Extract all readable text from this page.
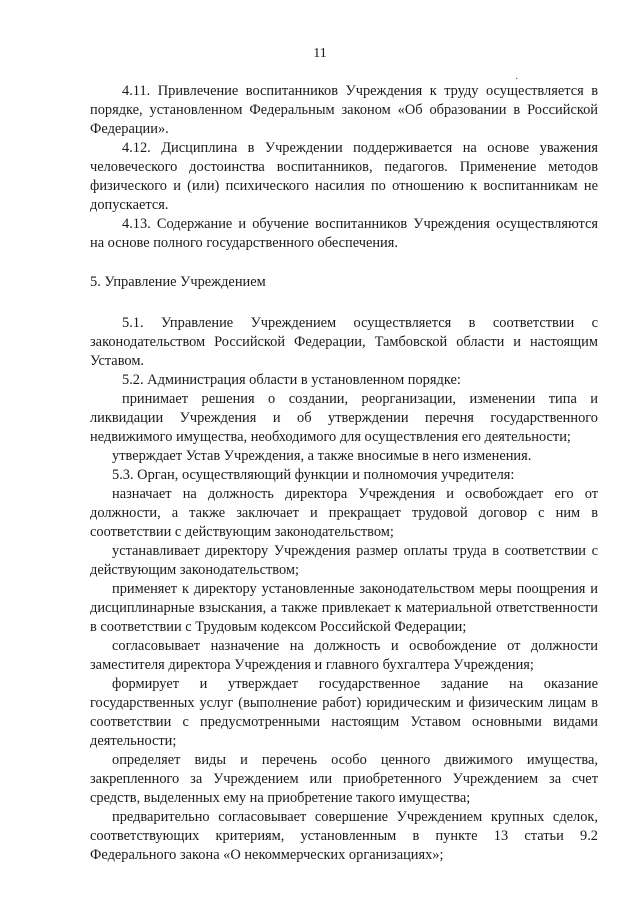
11
·

4.11. Привлечение воспитанников Учреждения к труду осуществляется в порядке, установленном Федеральным законом «Об образовании в Российской Федерации».

4.12. Дисциплина в Учреждении поддерживается на основе уважения человеческого достоинства воспитанников, педагогов. Применение методов физического и (или) психического насилия по отношению к воспитанникам не допускается.

4.13. Содержание и обучение воспитанников Учреждения осуществляются на основе полного государственного обеспечения.

5. Управление Учреждением

5.1. Управление Учреждением осуществляется в соответствии с законодательством Российской Федерации, Тамбовской области и настоящим Уставом.

5.2. Администрация области в установленном порядке:

принимает решения о создании, реорганизации, изменении типа и ликвидации Учреждения и об утверждении перечня государственного недвижимого имущества, необходимого для осуществления его деятельности;

утверждает Устав Учреждения, а также вносимые в него изменения.

5.3. Орган, осуществляющий функции и полномочия учредителя:

назначает на должность директора Учреждения и освобождает его от должности, а также заключает и прекращает трудовой договор с ним в соответствии с действующим законодательством;

устанавливает директору Учреждения размер оплаты труда в соответствии с действующим законодательством;

применяет к директору установленные законодательством меры поощрения и дисциплинарные взыскания, а также привлекает к материальной ответственности в соответствии с Трудовым кодексом Российской Федерации;

согласовывает назначение на должность и освобождение от должности заместителя директора Учреждения и главного бухгалтера Учреждения;

формирует и утверждает государственное задание на оказание государственных услуг (выполнение работ) юридическим и физическим лицам в соответствии с предусмотренными настоящим Уставом основными видами деятельности;

определяет виды и перечень особо ценного движимого имущества, закрепленного за Учреждением или приобретенного Учреждением за счет средств, выделенных ему на приобретение такого имущества;

предварительно согласовывает совершение Учреждением крупных сделок, соответствующих критериям, установленным в пункте 13 статьи 9.2 Федерального закона «О некоммерческих организациях»;
